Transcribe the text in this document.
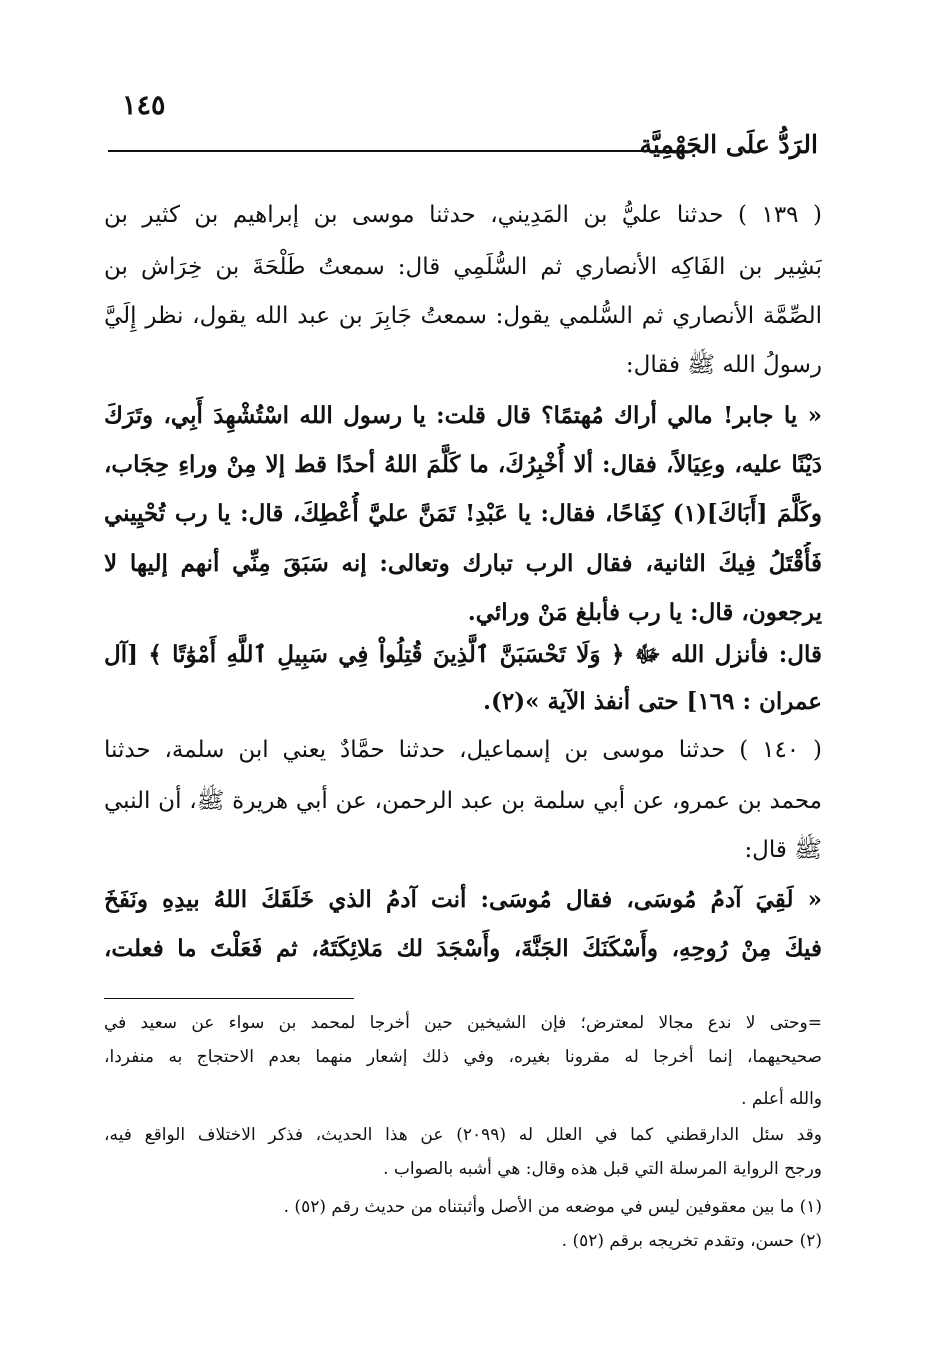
١٤٥
الرَدُّ علَى الجَهْمِيَّة
( ١٣٩ ) حدثنا عليُّ بن المَدِيني، حدثنا موسى بن إبراهيم بن كثير بن
بَشِير بن الفَاكِه الأنصاري ثم السُّلَمِي قال: سمعتُ طَلْحَةَ بن خِرَاش بن
الصِّمَّة الأنصاري ثم السُّلمي يقول: سمعتُ جَابِرَ بن عبد الله يقول، نظر إِلَيَّ
رسولُ الله ﷺ فقال:
« يا جابر! مالي أراك مُهتمًا؟ قال قلت: يا رسول الله اسْتُشْهِدَ أَبِي، وتَرَكَ
دَيْنًا عليه، وعِيَالاً، فقال: ألا أُخْبِرُكَ، ما كَلَّمَ اللهُ أحدًا قط إلا مِنْ وراءِ حِجَاب،
وكَلَّمَ [أَبَاكَ](١) كِفَاحًا، فقال: يا عَبْدِ! تَمَنَّ عليَّ أُعْطِكَ، قال: يا رب تُحْيِيني
فَأُقْتَلُ فِيكَ الثانية، فقال الرب تبارك وتعالى: إنه سَبَقَ مِنِّي أنهم إليها لا
يرجعون، قال: يا رب فأبلغ مَنْ ورائي.
قال: فأنزل الله ﷻ ﴿ وَلَا تَحْسَبَنَّ ٱلَّذِينَ قُتِلُواْ فِي سَبِيلِ ٱللَّهِ أَمْوَٰتًا ﴾ [آل
عمران : ١٦٩] حتى أنفذ الآية »(٢).
( ١٤٠ ) حدثنا موسى بن إسماعيل، حدثنا حمَّادٌ يعني ابن سلمة، حدثنا
محمد بن عمرو، عن أبي سلمة بن عبد الرحمن، عن أبي هريرة ﷺ، أن النبي
ﷺ قال:
« لَقِيَ آدمُ مُوسَى، فقال مُوسَى: أنت آدمُ الذي خَلَقَكَ اللهُ بيدِهِ ونَفَخَ
فيكَ مِنْ رُوحِهِ، وأَسْكَنَكَ الجَنَّةَ، وأَسْجَدَ لك مَلائِكَتَهُ، ثم فَعَلْتَ ما فعلت،
=وحتى لا ندع مجالا لمعترض؛ فإن الشيخين حين أخرجا لمحمد بن سواء عن سعيد في
صحيحيهما، إنما أخرجا له مقرونا بغيره، وفي ذلك إشعار منهما بعدم الاحتجاج به منفردا،
والله أعلم .
وقد سئل الدارقطني كما في العلل له (٢٠٩٩) عن هذا الحديث، فذكر الاختلاف الواقع فيه،
ورجح الرواية المرسلة التي قبل هذه وقال: هي أشبه بالصواب .
(١) ما بين معقوفين ليس في موضعه من الأصل وأثبتناه من حديث رقم (٥٢) .
(٢) حسن، وتقدم تخريجه برقم (٥٢) .
